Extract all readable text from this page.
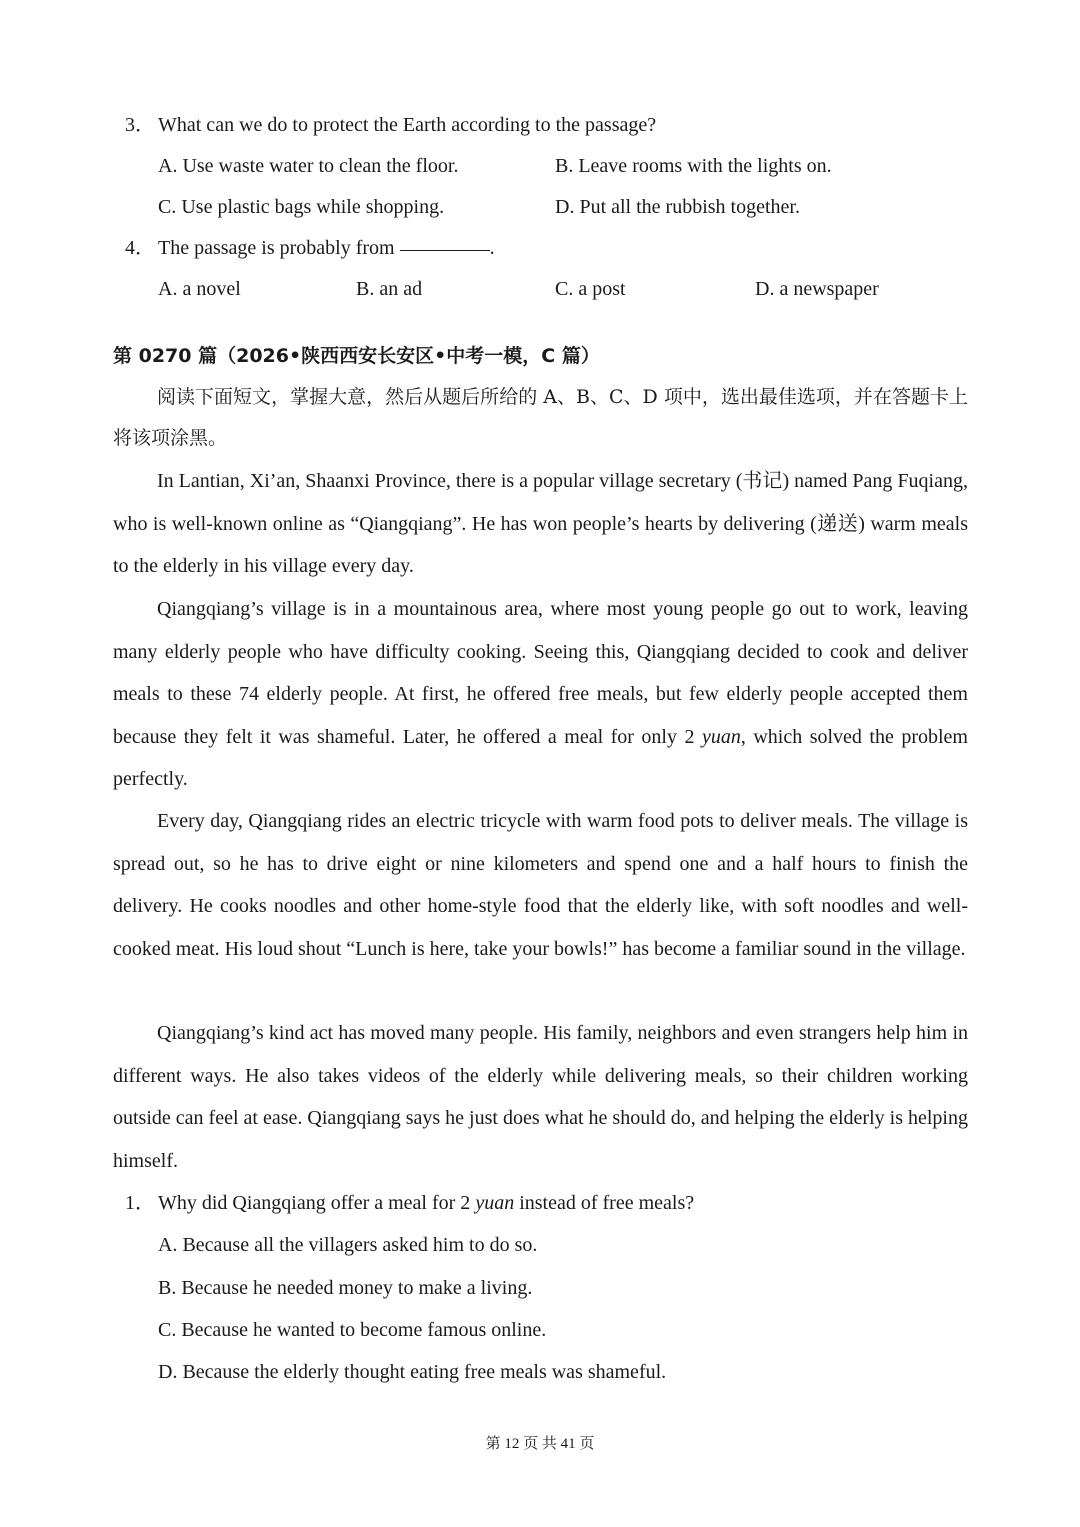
3． What can we do to protect the Earth according to the passage?
A. Use waste water to clean the floor.	B. Leave rooms with the lights on.
C. Use plastic bags while shopping.	D. Put all the rubbish together.
4． The passage is probably from	.
A. a novel	B. an ad	C. a post	D. a newspaper
第 0270 篇（2026•陕西西安长安区•中考一模，C 篇）

阅读下面短文，掌握大意，然后从题后所给的 A、B、C、D 项中，选出最佳选项，并在答题卡上将该项涂黑。

In Lantian, Xi’an, Shaanxi Province, there is a popular village secretary (书记) named Pang Fuqiang, who is well-known online as “Qiangqiang”. He has won people’s hearts by delivering (递送) warm meals to the elderly in his village every day.

Qiangqiang’s village is in a mountainous area, where most young people go out to work, leaving many elderly people who have difficulty cooking. Seeing this, Qiangqiang decided to cook and deliver meals to these 74 elderly people. At first, he offered free meals, but few elderly people accepted them because they felt it was shameful. Later, he offered a meal for only 2 yuan, which solved the problem perfectly.

Every day, Qiangqiang rides an electric tricycle with warm food pots to deliver meals. The village is spread out, so he has to drive eight or nine kilometers and spend one and a half hours to finish the delivery. He cooks noodles and other home-style food that the elderly like, with soft noodles and well-cooked meat. His loud shout “Lunch is here, take your bowls!” has become a familiar sound in the village.

Qiangqiang’s kind act has moved many people. His family, neighbors and even strangers help him in different ways. He also takes videos of the elderly while delivering meals, so their children working outside can feel at ease. Qiangqiang says he just does what he should do, and helping the elderly is helping himself.

1． Why did Qiangqiang offer a meal for 2 yuan instead of free meals?
A. Because all the villagers asked him to do so.
B. Because he needed money to make a living.
C. Because he wanted to become famous online.
D. Because the elderly thought eating free meals was shameful.
第 12 页 共 41 页
